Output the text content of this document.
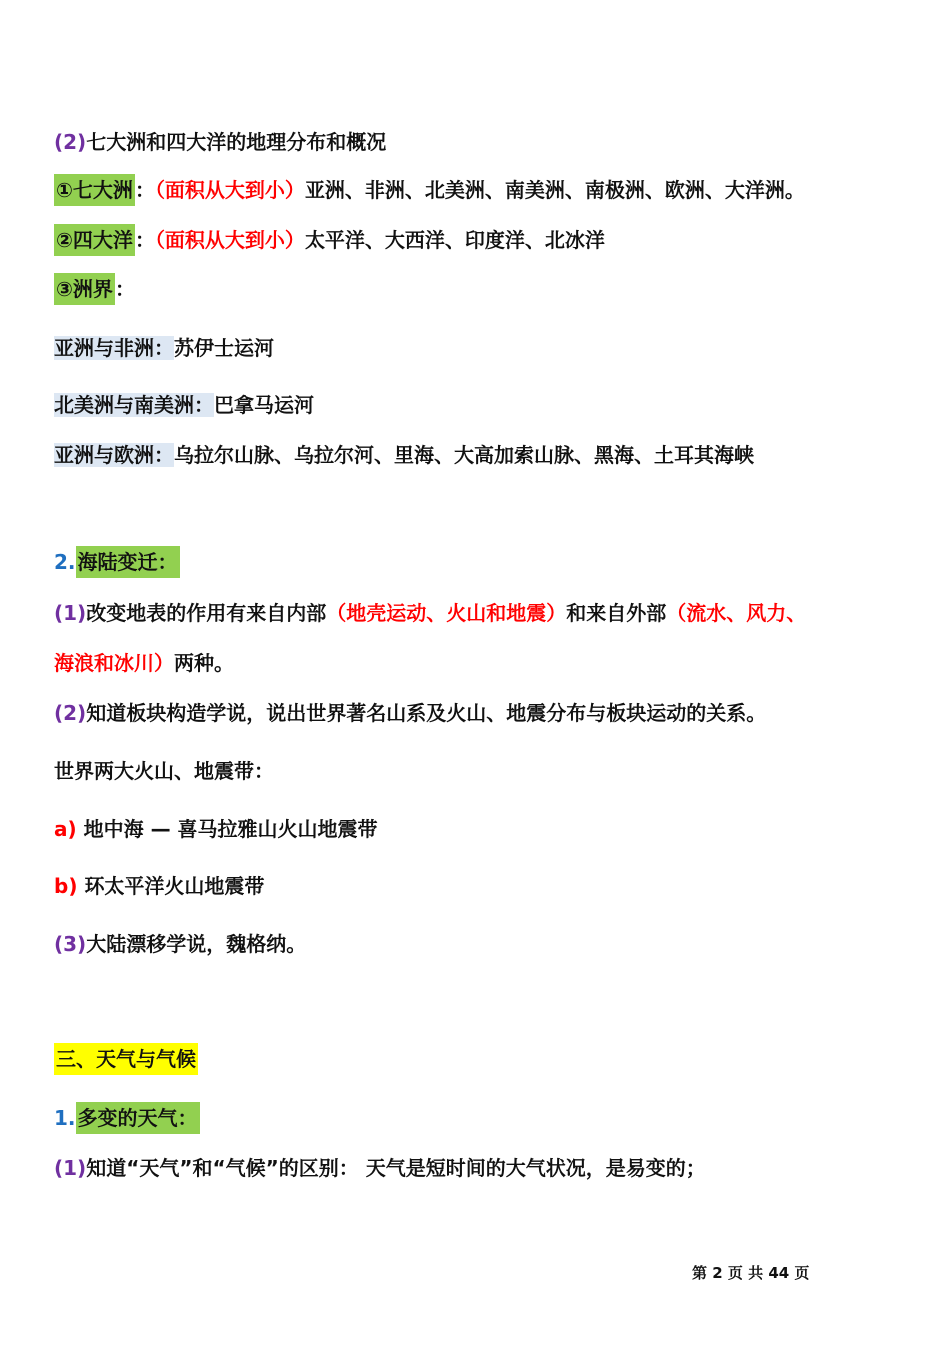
(2)七大洲和四大洋的地理分布和概况
①七大洲 ：（面积从大到小）亚洲、非洲、北美洲、南美洲、南极洲、欧洲、大洋洲。
②四大洋 ：（面积从大到小）太平洋、大西洋、印度洋、北冰洋
③洲界 ：
亚洲与非洲：苏伊士运河
北美洲与南美洲：巴拿马运河
亚洲与欧洲：乌拉尔山脉、乌拉尔河、里海、大高加索山脉、黑海、土耳其海峡
2. 海陆变迁：
(1)改变地表的作用有来自内部（地壳运动、火山和地震）和来自外部（流水、风力、
海浪和冰川）两种。
(2)知道板块构造学说，说出世界著名山系及火山、地震分布与板块运动的关系。
世界两大火山、地震带：
a) 地中海 — 喜马拉雅山火山地震带
b) 环太平洋火山地震带
(3)大陆漂移学说，魏格纳。
三、天气与气候
1. 多变的天气：
(1)知道“天气”和“气候”的区别： 天气是短时间的大气状况，是易变的；
第 2 页 共 44 页
